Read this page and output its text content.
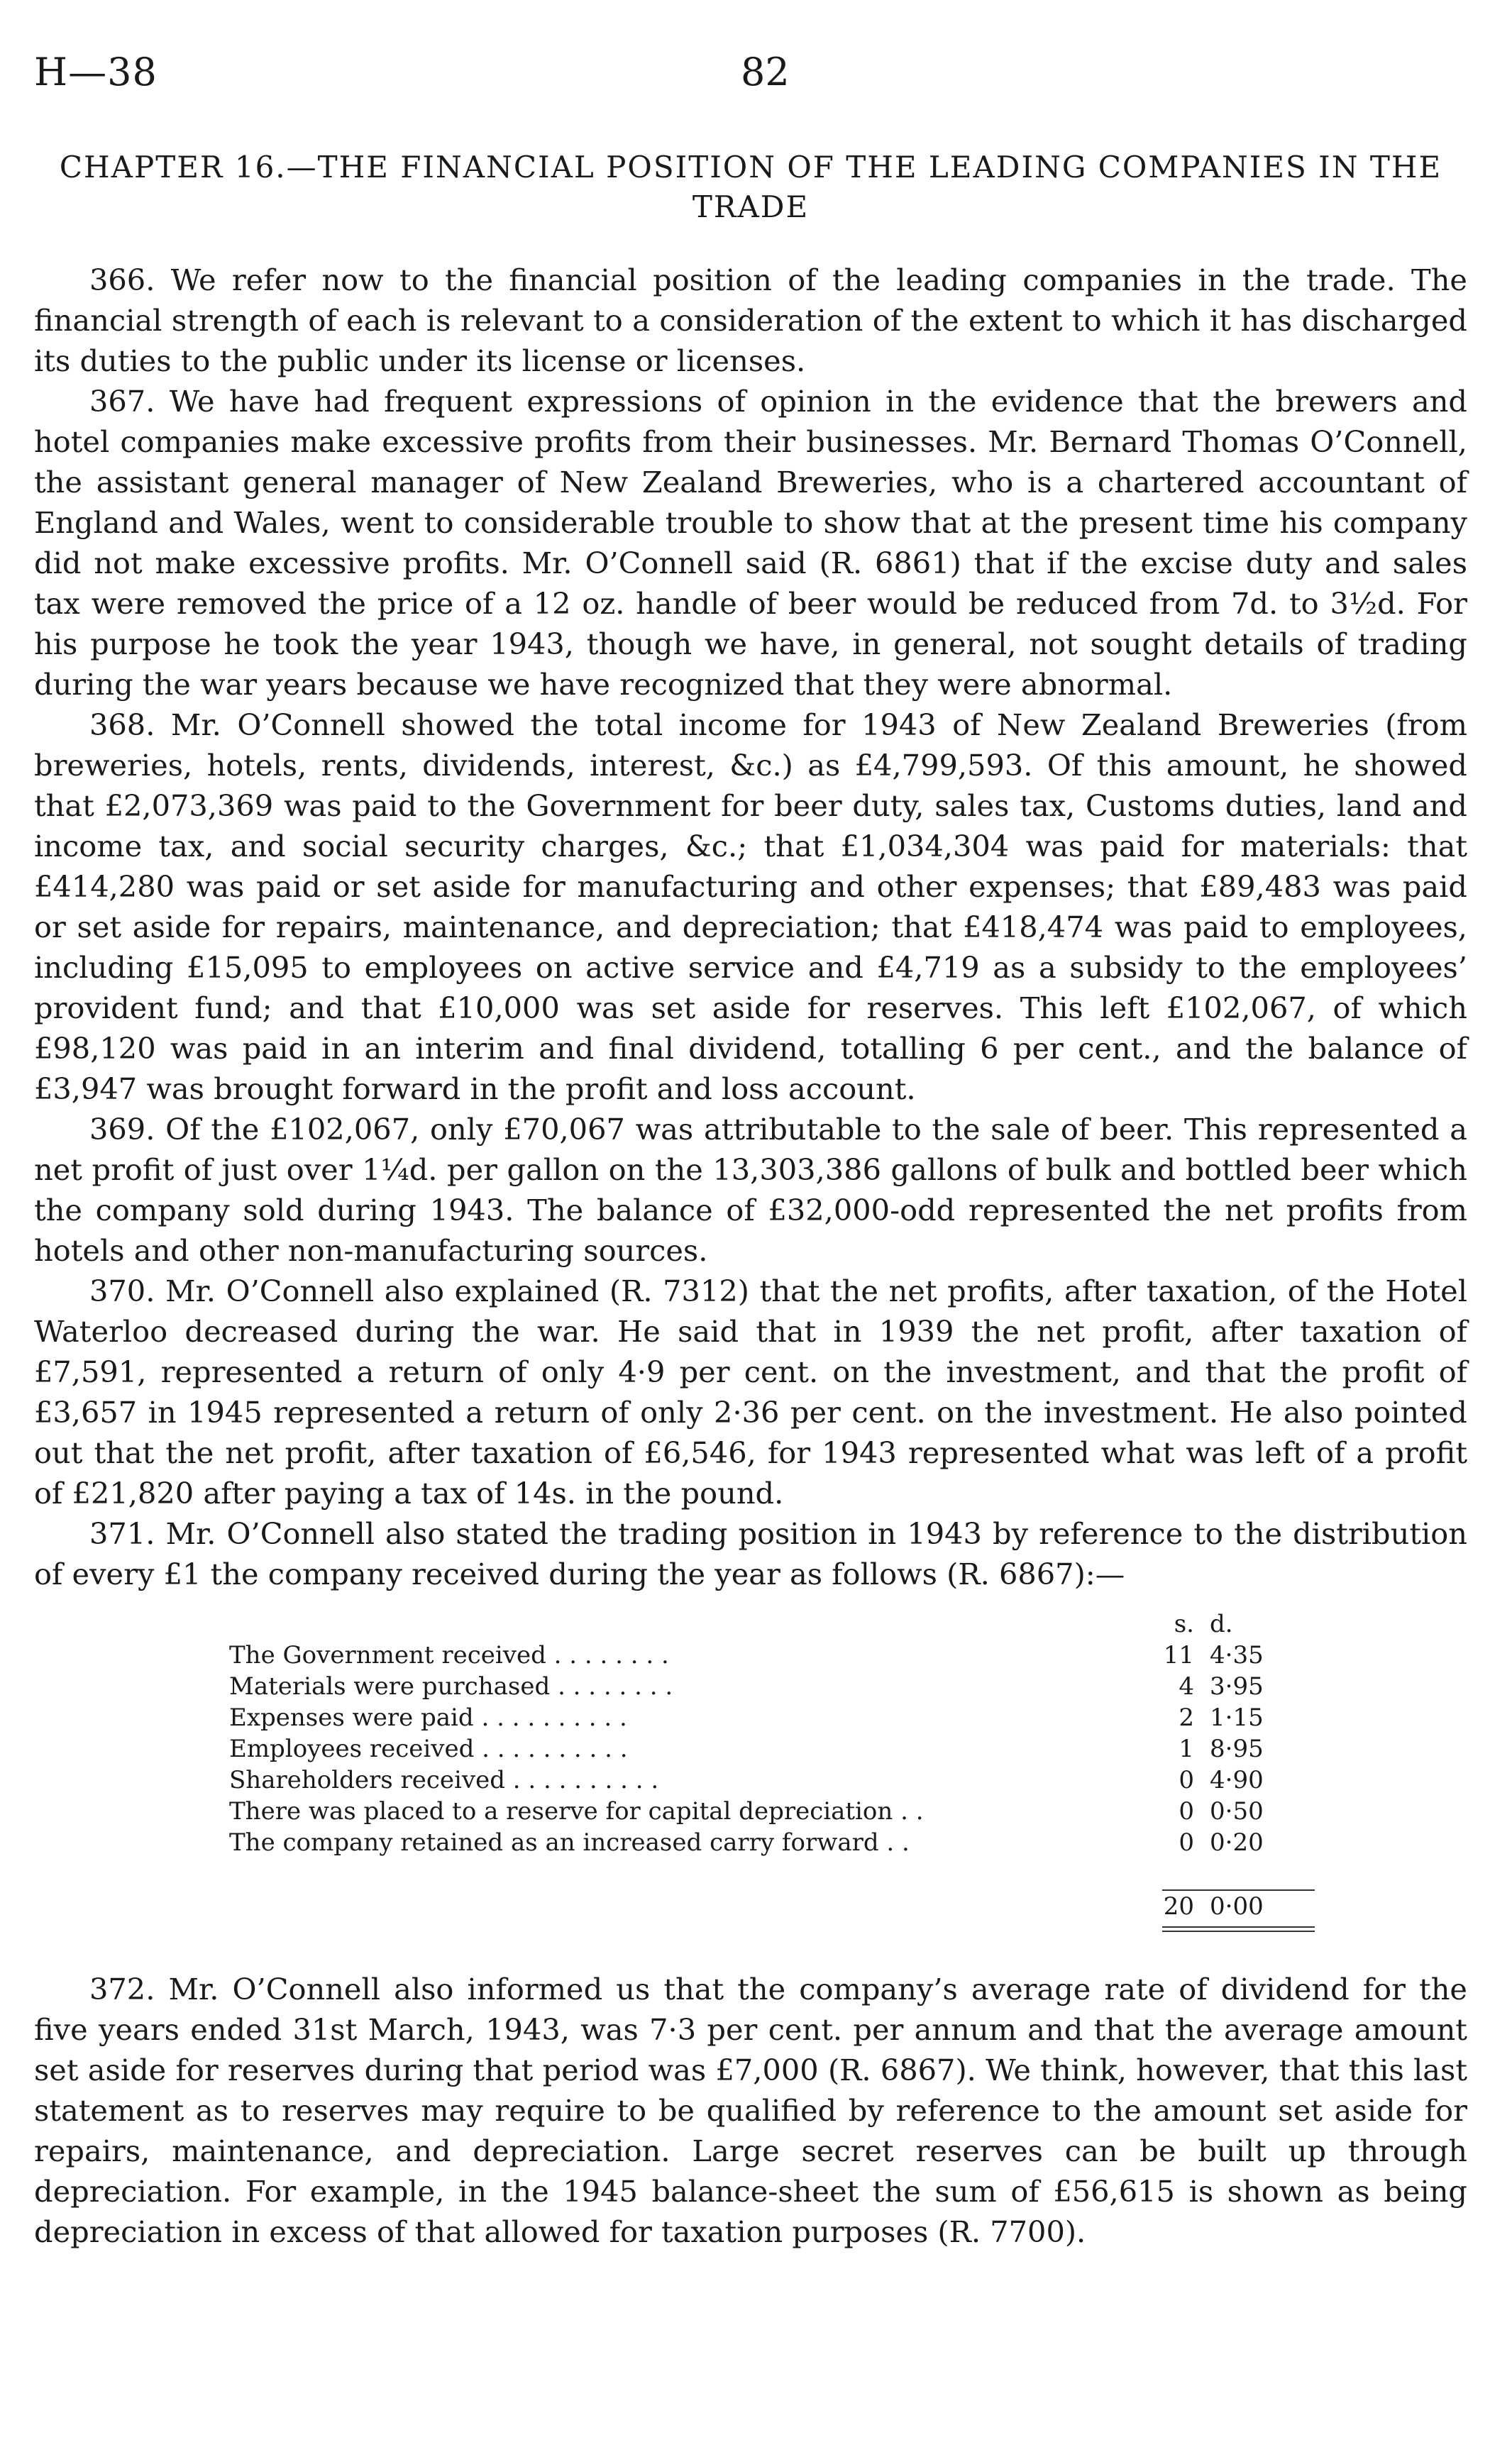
H—38	82
CHAPTER 16.—THE FINANCIAL POSITION OF THE LEADING COMPANIES IN THE TRADE

366. We refer now to the financial position of the leading companies in the trade. The financial strength of each is relevant to a consideration of the extent to which it has discharged its duties to the public under its license or licenses.

367. We have had frequent expressions of opinion in the evidence that the brewers and hotel companies make excessive profits from their businesses. Mr. Bernard Thomas O’Connell, the assistant general manager of New Zealand Breweries, who is a chartered accountant of England and Wales, went to considerable trouble to show that at the present time his company did not make excessive profits. Mr. O’Connell said (R. 6861) that if the excise duty and sales tax were removed the price of a 12 oz. handle of beer would be reduced from 7d. to 3½d. For his purpose he took the year 1943, though we have, in general, not sought details of trading during the war years because we have recognized that they were abnormal.

368. Mr. O’Connell showed the total income for 1943 of New Zealand Breweries (from breweries, hotels, rents, dividends, interest, &c.) as £4,799,593. Of this amount, he showed that £2,073,369 was paid to the Government for beer duty, sales tax, Customs duties, land and income tax, and social security charges, &c.; that £1,034,304 was paid for materials: that £414,280 was paid or set aside for manufacturing and other expenses; that £89,483 was paid or set aside for repairs, maintenance, and depreciation; that £418,474 was paid to employees, including £15,095 to employees on active service and £4,719 as a subsidy to the employees’ provident fund; and that £10,000 was set aside for reserves. This left £102,067, of which £98,120 was paid in an interim and final dividend, totalling 6 per cent., and the balance of £3,947 was brought forward in the profit and loss account.

369. Of the £102,067, only £70,067 was attributable to the sale of beer. This represented a net profit of just over 1¼d. per gallon on the 13,303,386 gallons of bulk and bottled beer which the company sold during 1943. The balance of £32,000-odd represented the net profits from hotels and other non-manufacturing sources.

370. Mr. O’Connell also explained (R. 7312) that the net profits, after taxation, of the Hotel Waterloo decreased during the war. He said that in 1939 the net profit, after taxation of £7,591, represented a return of only 4·9 per cent. on the investment, and that the profit of £3,657 in 1945 represented a return of only 2·36 per cent. on the investment. He also pointed out that the net profit, after taxation of £6,546, for 1943 represented what was left of a profit of £21,820 after paying a tax of 14s. in the pound.

371. Mr. O’Connell also stated the trading position in 1943 by reference to the distribution of every £1 the company received during the year as follows (R. 6867):—

s. d.
The Government received . . . . . . . .	11 4·35
Materials were purchased . . . . . . . .	4 3·95
Expenses were paid . . . . . . . . . .	2 1·15
Employees received . . . . . . . . . .	1 8·95
Shareholders received . . . . . . . . . .	0 4·90
There was placed to a reserve for capital depreciation . .	0 0·50
The company retained as an increased carry forward . .	0 0·20
20 0·00

372. Mr. O’Connell also informed us that the company’s average rate of dividend for the five years ended 31st March, 1943, was 7·3 per cent. per annum and that the average amount set aside for reserves during that period was £7,000 (R. 6867). We think, however, that this last statement as to reserves may require to be qualified by reference to the amount set aside for repairs, maintenance, and depreciation. Large secret reserves can be built up through depreciation. For example, in the 1945 balance-sheet the sum of £56,615 is shown as being depreciation in excess of that allowed for taxation purposes (R. 7700).
